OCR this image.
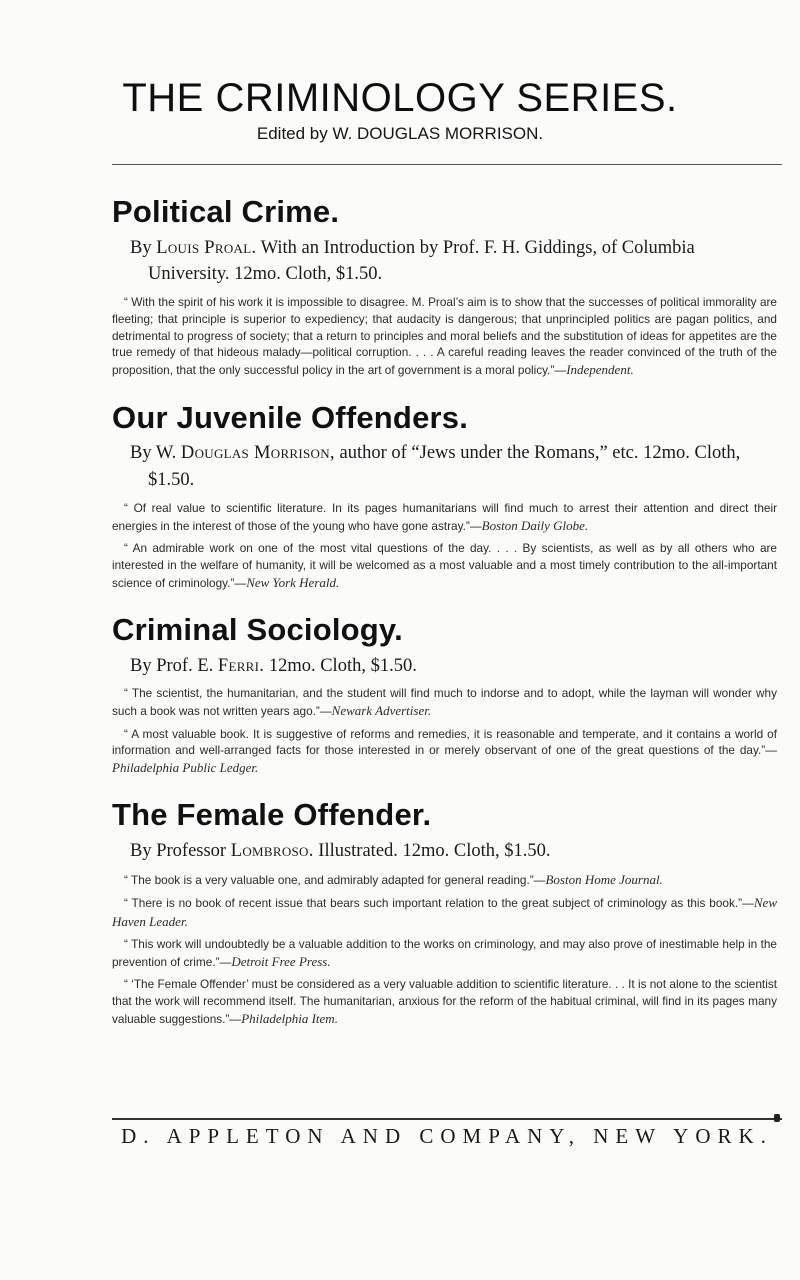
THE CRIMINOLOGY SERIES.

Edited by W. DOUGLAS MORRISON.

Political Crime.

By Louis Proal. With an Introduction by Prof. F. H. Giddings, of Columbia University. 12mo. Cloth, $1.50.

“ With the spirit of his work it is impossible to disagree. M. Proal’s aim is to show that the successes of political immorality are fleeting; that principle is superior to expediency; that audacity is dangerous; that unprincipled politics are pagan politics, and detrimental to progress of society; that a return to principles and moral beliefs and the substitution of ideas for appetites are the true remedy of that hideous malady—political corruption. . . . A careful reading leaves the reader convinced of the truth of the proposition, that the only successful policy in the art of government is a moral policy.”—Independent.

Our Juvenile Offenders.

By W. Douglas Morrison, author of “Jews under the Romans,” etc. 12mo. Cloth, $1.50.

“ Of real value to scientific literature. In its pages humanitarians will find much to arrest their attention and direct their energies in the interest of those of the young who have gone astray.”—Boston Daily Globe.

“ An admirable work on one of the most vital questions of the day. . . . By scientists, as well as by all others who are interested in the welfare of humanity, it will be welcomed as a most valuable and a most timely contribution to the all-important science of criminology.”—New York Herald.

Criminal Sociology.

By Prof. E. Ferri. 12mo. Cloth, $1.50.

“ The scientist, the humanitarian, and the student will find much to indorse and to adopt, while the layman will wonder why such a book was not written years ago.”—Newark Advertiser.

“ A most valuable book. It is suggestive of reforms and remedies, it is reasonable and temperate, and it contains a world of information and well-arranged facts for those interested in or merely observant of one of the great questions of the day.”—Philadelphia Public Ledger.

The Female Offender.

By Professor Lombroso. Illustrated. 12mo. Cloth, $1.50.

“ The book is a very valuable one, and admirably adapted for general reading.”—Boston Home Journal.

“ There is no book of recent issue that bears such important relation to the great subject of criminology as this book.”—New Haven Leader.

“ This work will undoubtedly be a valuable addition to the works on criminology, and may also prove of inestimable help in the prevention of crime.”—Detroit Free Press.

“ ‘The Female Offender’ must be considered as a very valuable addition to scientific literature. . . It is not alone to the scientist that the work will recommend itself. The humanitarian, anxious for the reform of the habitual criminal, will find in its pages many valuable suggestions.”—Philadelphia Item.

D. APPLETON AND COMPANY, NEW YORK.
